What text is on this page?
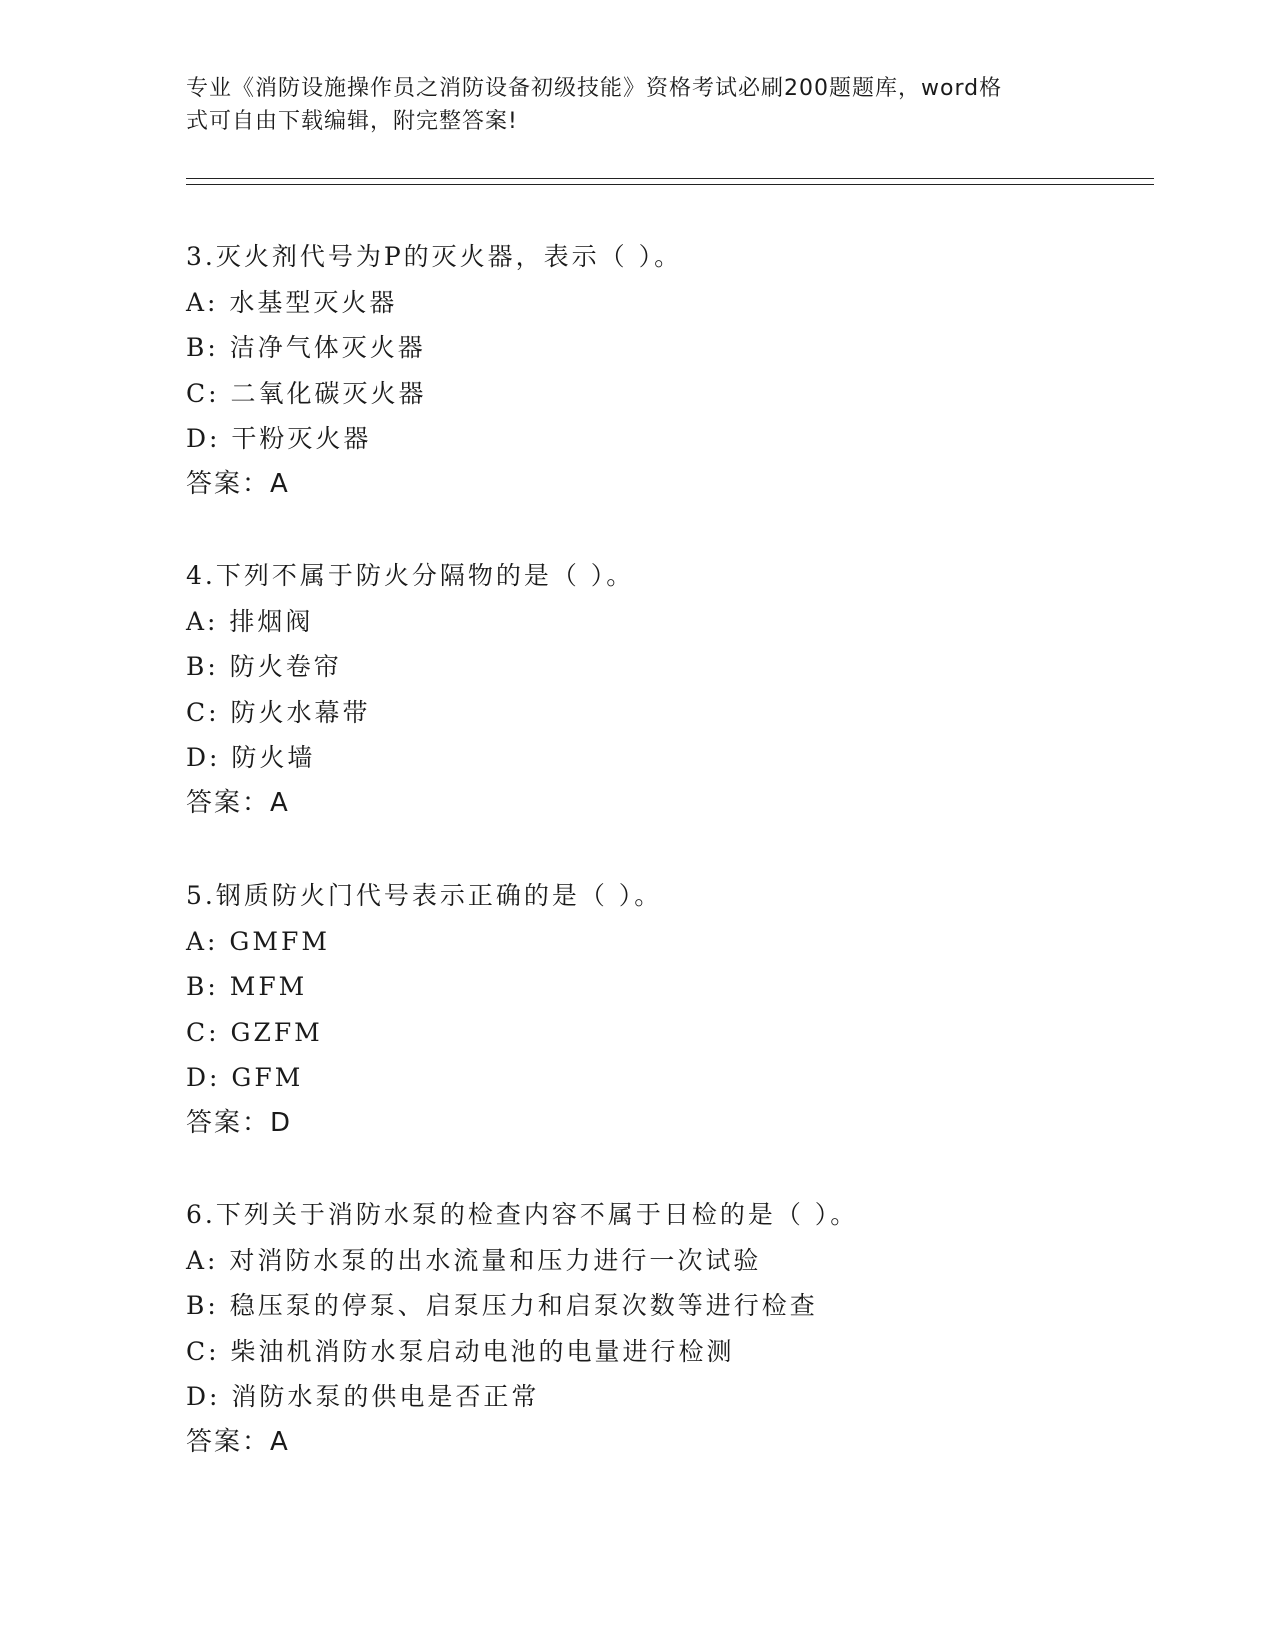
专业《消防设施操作员之消防设备初级技能》资格考试必刷200题题库，word格
式可自由下载编辑，附完整答案!
3.灭火剂代号为P的灭火器，表示（ ）。
A: 水基型灭火器
B: 洁净气体灭火器
C: 二氧化碳灭火器
D: 干粉灭火器
答案：A
4.下列不属于防火分隔物的是（ ）。
A: 排烟阀
B: 防火卷帘
C: 防火水幕带
D: 防火墙
答案：A
5.钢质防火门代号表示正确的是（ ）。
A: GMFM
B: MFM
C: GZFM
D: GFM
答案：D
6.下列关于消防水泵的检查内容不属于日检的是（ ）。
A: 对消防水泵的出水流量和压力进行一次试验
B: 稳压泵的停泵、启泵压力和启泵次数等进行检查
C: 柴油机消防水泵启动电池的电量进行检测
D: 消防水泵的供电是否正常
答案：A
